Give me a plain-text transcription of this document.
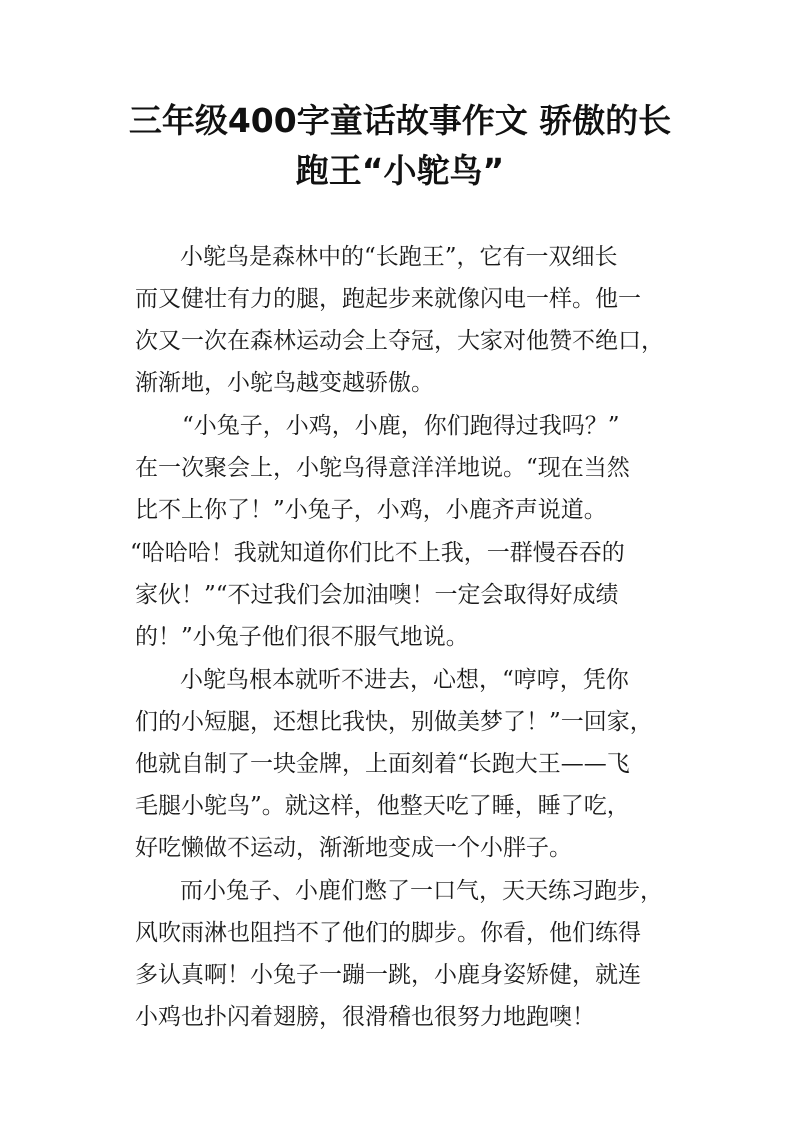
三年级400字童话故事作文 骄傲的长
跑王“小鸵鸟”
小鸵鸟是森林中的“长跑王”，它有一双细长
而又健壮有力的腿，跑起步来就像闪电一样。他一
次又一次在森林运动会上夺冠，大家对他赞不绝口，
渐渐地，小鸵鸟越变越骄傲。
“小兔子，小鸡，小鹿，你们跑得过我吗？”
在一次聚会上，小鸵鸟得意洋洋地说。“现在当然
比不上你了！”小兔子，小鸡，小鹿齐声说道。
“哈哈哈！我就知道你们比不上我，一群慢吞吞的
家伙！”“不过我们会加油噢！一定会取得好成绩
的！”小兔子他们很不服气地说。
小鸵鸟根本就听不进去，心想，“哼哼，凭你
们的小短腿，还想比我快，别做美梦了！”一回家，
他就自制了一块金牌，上面刻着“长跑大王——飞
毛腿小鸵鸟”。就这样，他整天吃了睡，睡了吃，
好吃懒做不运动，渐渐地变成一个小胖子。
而小兔子、小鹿们憋了一口气，天天练习跑步，
风吹雨淋也阻挡不了他们的脚步。你看，他们练得
多认真啊！小兔子一蹦一跳，小鹿身姿矫健，就连
小鸡也扑闪着翅膀，很滑稽也很努力地跑噢！
